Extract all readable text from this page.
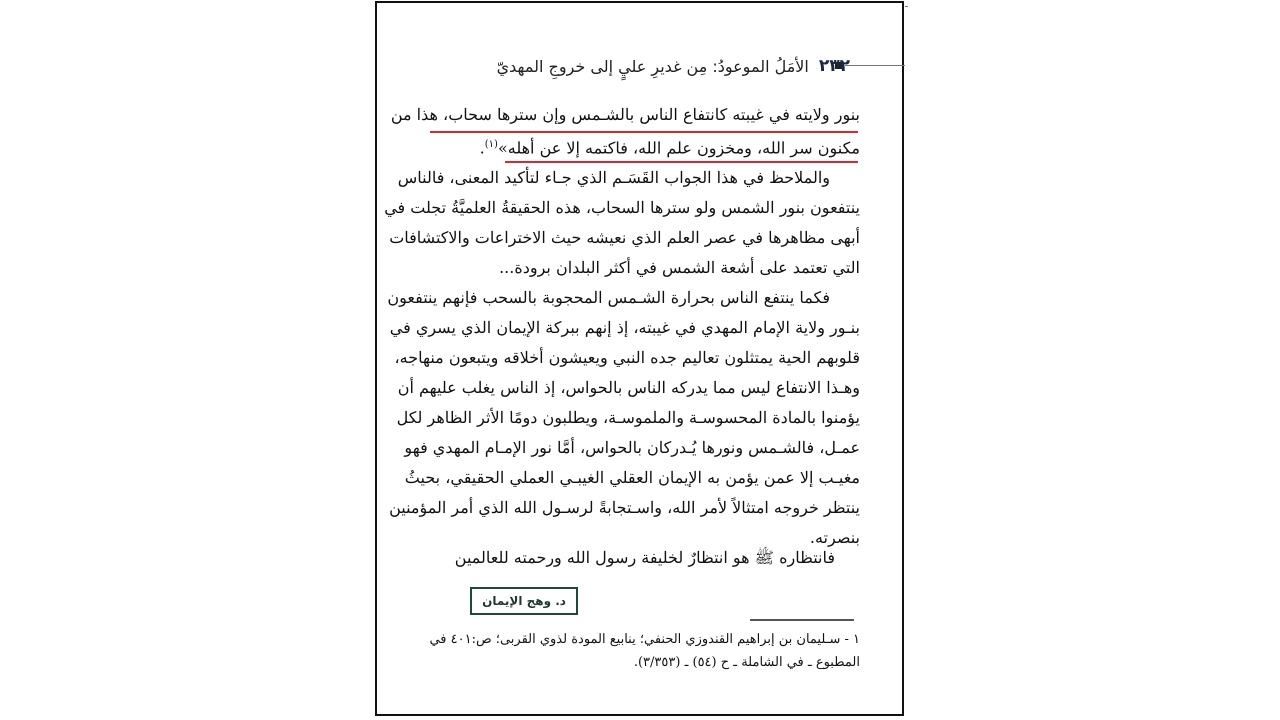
٢٣٢
الأمَلُ الموعودُ: مِن غديرِ عليٍ إلى خروجِ المهديّ
بنور ولايته في غيبته كانتفاع الناس بالشـمس وإن سترها سحاب، هذا من
مكنون سر الله، ومخزون علم الله، فاكتمه إلا عن أهله»$^{(١)}$.
والملاحظ في هذا الجواب القَسَـم الذي جـاء لتأكيد المعنى، فالناس
ينتفعون بنور الشمس ولو سترها السحاب، هذه الحقيقةُ العلميَّةُ تجلت في
أبهى مظاهرها في عصر العلم الذي نعيشه حيث الاختراعات والاكتشافات
التي تعتمد على أشعة الشمس في أكثر البلدان برودة...
فكما ينتفع الناس بحرارة الشـمس المحجوبة بالسحب فإنهم ينتفعون
بنـور ولاية الإمام المهدي في غيبته، إذ إنهم ببركة الإيمان الذي يسري في
قلوبهم الحية يمتثلون تعاليم جده النبي ويعيشون أخلاقه ويتبعون منهاجه،
وهـذا الانتفاع ليس مما يدركه الناس بالحواس، إذ الناس يغلب عليهم أن
يؤمنوا بالمادة المحسوسـة والملموسـة، ويطلبون دومًا الأثر الظاهر لكل
عمـل، فالشـمس ونورها يُـدركان بالحواس، أمَّا نور الإمـام المهدي فهو
مغيـب إلا عمن يؤمن به الإيمان العقلي الغيبـي العملي الحقيقي، بحيثُ
ينتظر خروجه امتثالاً لأمر الله، واسـتجابةً لرسـول الله الذي أمر المؤمنين
بنصرته.
فانتظاره ﷺ هو انتظارٌ لخليفة رسول الله ورحمته للعالمين
د. وهج الإيمان
١ - سـليمان بن إبراهيم القندوزي الحنفي؛ ينابيع المودة لذوي القربى؛ ص:٤٠١ في
المطبوع ـ في الشاملة ـ ح (٥٤) ـ (٣/٣٥٣).
